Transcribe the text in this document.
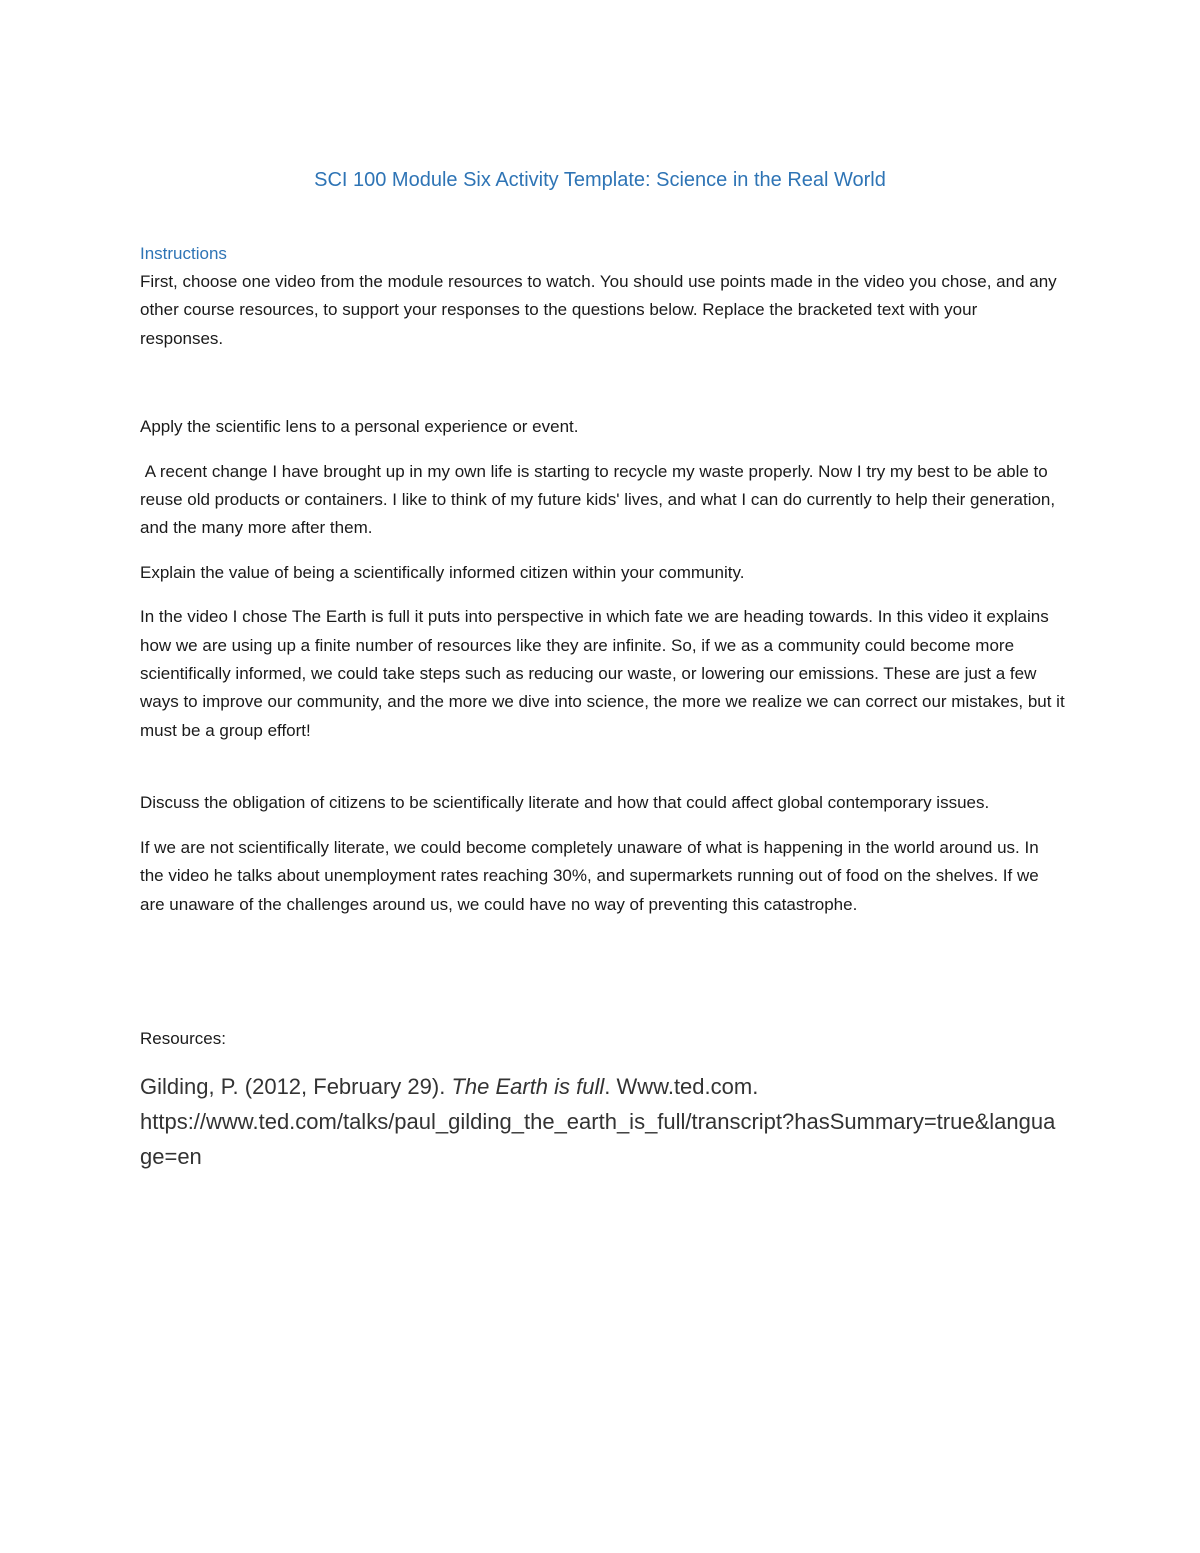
SCI 100 Module Six Activity Template: Science in the Real World
Instructions

First, choose one video from the module resources to watch. You should use points made in the video you chose, and any other course resources, to support your responses to the questions below. Replace the bracketed text with your responses.

Apply the scientific lens to a personal experience or event.

A recent change I have brought up in my own life is starting to recycle my waste properly. Now I try my best to be able to reuse old products or containers. I like to think of my future kids' lives, and what I can do currently to help their generation, and the many more after them.

Explain the value of being a scientifically informed citizen within your community.

In the video I chose The Earth is full it puts into perspective in which fate we are heading towards. In this video it explains how we are using up a finite number of resources like they are infinite. So, if we as a community could become more scientifically informed, we could take steps such as reducing our waste, or lowering our emissions. These are just a few ways to improve our community, and the more we dive into science, the more we realize we can correct our mistakes, but it must be a group effort!

Discuss the obligation of citizens to be scientifically literate and how that could affect global contemporary issues.

If we are not scientifically literate, we could become completely unaware of what is happening in the world around us. In the video he talks about unemployment rates reaching 30%, and supermarkets running out of food on the shelves. If we are unaware of the challenges around us, we could have no way of preventing this catastrophe.

Resources:

Gilding, P. (2012, February 29). The Earth is full. Www.ted.com.
https://www.ted.com/talks/paul_gilding_the_earth_is_full/transcript?hasSummary=true&language=en
